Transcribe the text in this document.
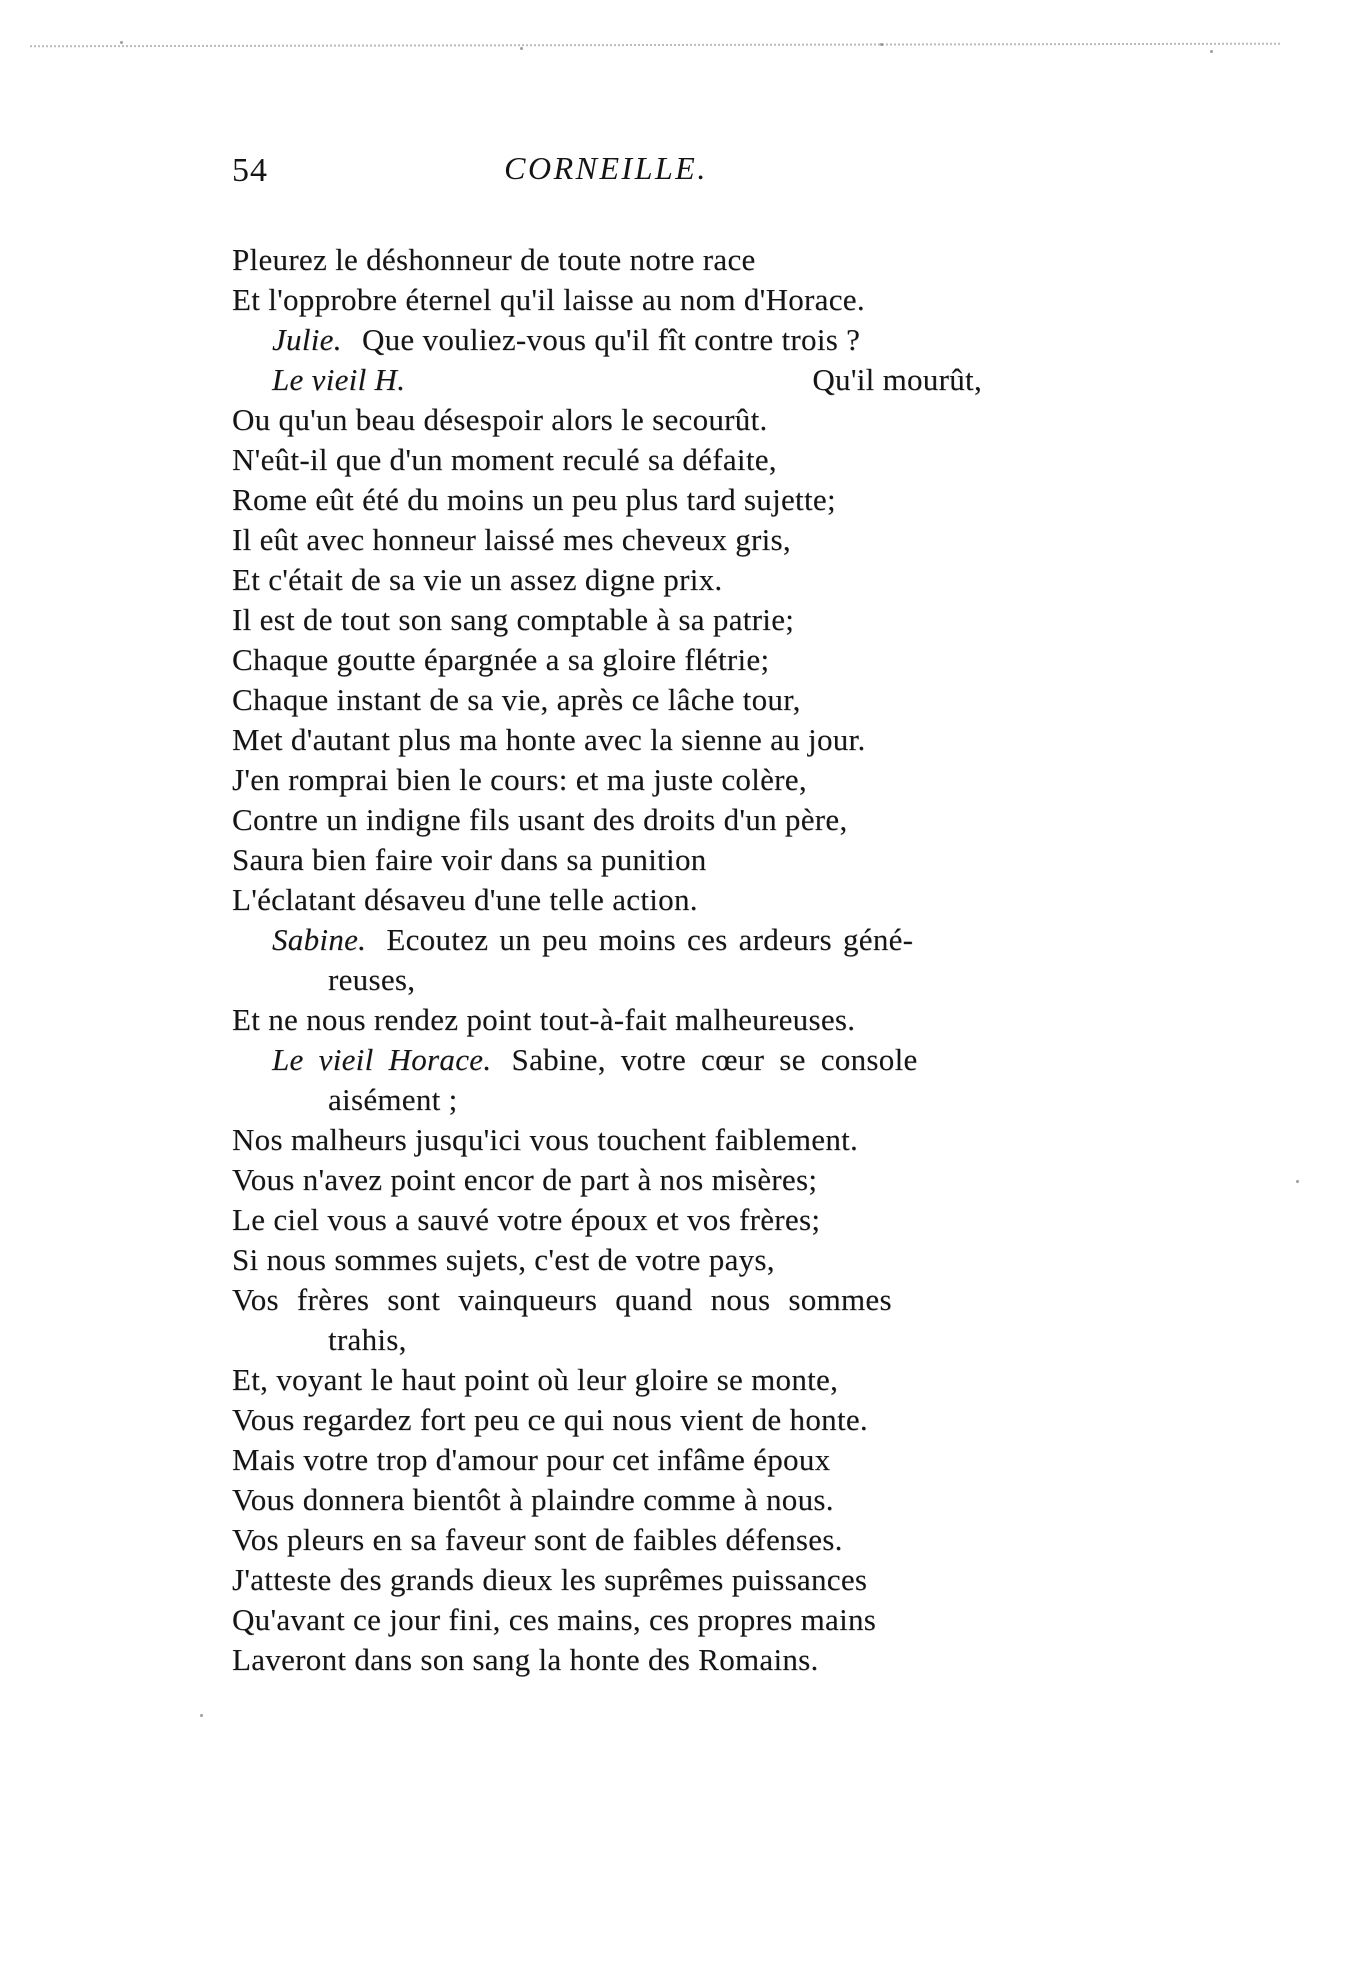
54	CORNEILLE.
Pleurez le déshonneur de toute notre race
Et l'opprobre éternel qu'il laisse au nom d'Horace.
Julie. Que vouliez-vous qu'il fît contre trois ?
Le vieil H.	Qu'il mourût,
Ou qu'un beau désespoir alors le secourût.
N'eût-il que d'un moment reculé sa défaite,
Rome eût été du moins un peu plus tard sujette;
Il eût avec honneur laissé mes cheveux gris,
Et c'était de sa vie un assez digne prix.
Il est de tout son sang comptable à sa patrie;
Chaque goutte épargnée a sa gloire flétrie;
Chaque instant de sa vie, après ce lâche tour,
Met d'autant plus ma honte avec la sienne au jour.
J'en romprai bien le cours: et ma juste colère,
Contre un indigne fils usant des droits d'un père,
Saura bien faire voir dans sa punition
L'éclatant désaveu d'une telle action.
Sabine. Ecoutez un peu moins ces ardeurs géné-
reuses,
Et ne nous rendez point tout-à-fait malheureuses.
Le vieil Horace. Sabine, votre cœur se console
aisément ;
Nos malheurs jusqu'ici vous touchent faiblement.
Vous n'avez point encor de part à nos misères;
Le ciel vous a sauvé votre époux et vos frères;
Si nous sommes sujets, c'est de votre pays,
Vos frères sont vainqueurs quand nous sommes
trahis,
Et, voyant le haut point où leur gloire se monte,
Vous regardez fort peu ce qui nous vient de honte.
Mais votre trop d'amour pour cet infâme époux
Vous donnera bientôt à plaindre comme à nous.
Vos pleurs en sa faveur sont de faibles défenses.
J'atteste des grands dieux les suprêmes puissances
Qu'avant ce jour fini, ces mains, ces propres mains
Laveront dans son sang la honte des Romains.
